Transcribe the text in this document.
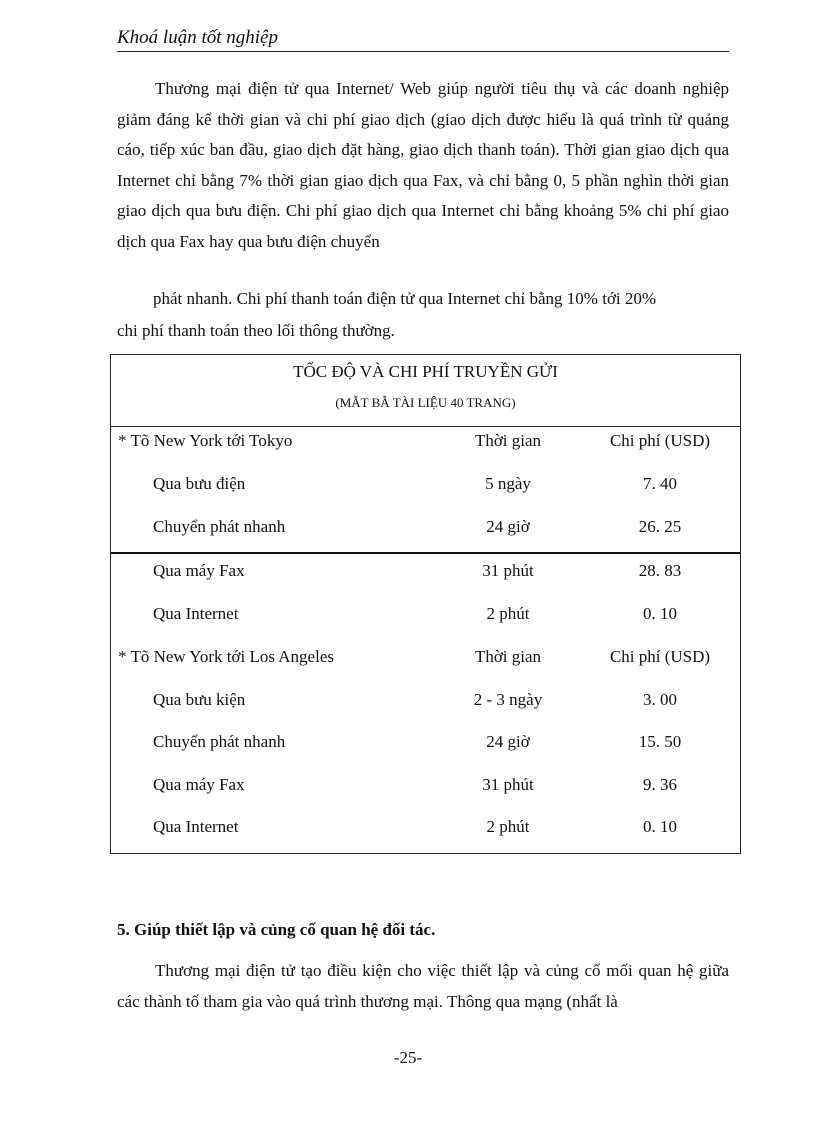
Khoá luận tốt nghiệp

Thương mại điện tử qua Internet/ Web giúp người tiêu thụ và các doanh nghiệp giảm đáng kể thời gian và chi phí giao dịch (giao dịch được hiểu là quá trình từ quảng cáo, tiếp xúc ban đầu, giao dịch đặt hàng, giao dịch thanh toán). Thời gian giao dịch qua Internet chỉ bằng 7% thời gian giao dịch qua Fax, và chỉ bằng 0, 5 phần nghìn thời gian giao dịch qua bưu điện. Chi phí giao dịch qua Internet chỉ bằng khoảng 5% chi phí giao dịch qua Fax hay qua bưu điện chuyển

phát nhanh. Chi phí thanh toán điện tử qua Internet chỉ bằng 10% tới 20%

chi phí thanh toán theo lối thông thường.

TỐC ĐỘ VÀ CHI PHÍ TRUYỀN GỬI
(MẪT BẪ TÀI LIỆU 40 TRANG)
* Tõ New York tới Tokyo	Thời gian	Chi phí (USD)
Qua bưu điện	5 ngày	7. 40
Chuyển phát nhanh	24 giờ	26. 25
Qua máy Fax	31 phút	28. 83
Qua Internet	2 phút	0. 10
* Tõ New York tới Los Angeles	Thời gian	Chi phí (USD)
Qua bưu kiện	2 - 3 ngày	3. 00
Chuyển phát nhanh	24 giờ	15. 50
Qua máy Fax	31 phút	9. 36
Qua Internet	2 phút	0. 10
5. Giúp thiết lập và củng cố quan hệ đối tác.

Thương mại điện tử tạo điều kiện cho việc thiết lập và củng cố mối quan hệ giữa các thành tố tham gia vào quá trình thương mại. Thông qua mạng (nhất là

-25-
